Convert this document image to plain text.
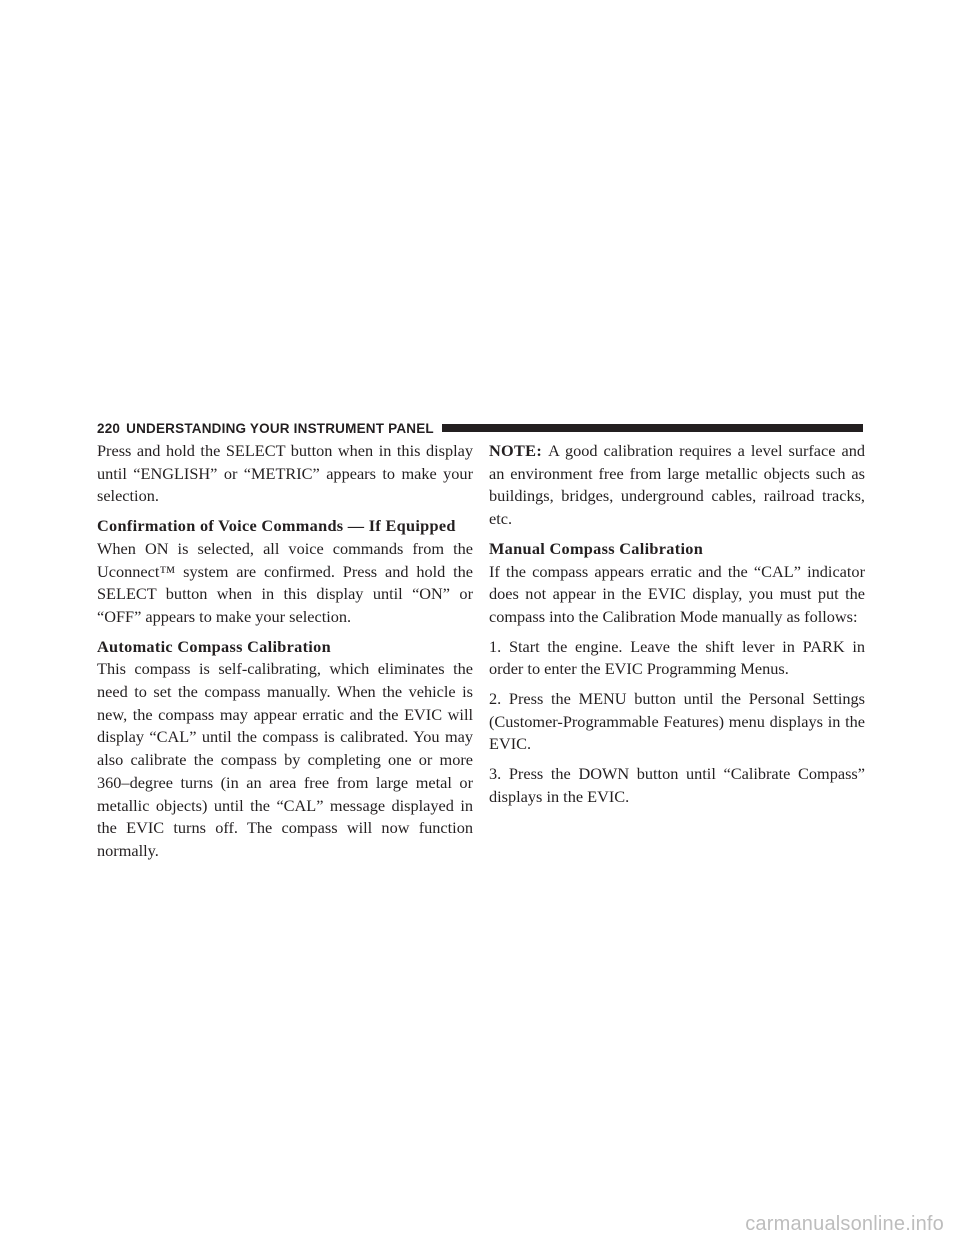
220 UNDERSTANDING YOUR INSTRUMENT PANEL

Press and hold the SELECT button when in this display until “ENGLISH” or “METRIC” appears to make your selection.

Confirmation of Voice Commands — If Equipped

When ON is selected, all voice commands from the Uconnect™ system are confirmed. Press and hold the SELECT button when in this display until “ON” or “OFF” appears to make your selection.

Automatic Compass Calibration

This compass is self-calibrating, which eliminates the need to set the compass manually. When the vehicle is new, the compass may appear erratic and the EVIC will display “CAL” until the compass is calibrated. You may also calibrate the compass by completing one or more 360–degree turns (in an area free from large metal or metallic objects) until the “CAL” message displayed in the EVIC turns off. The compass will now function normally.

NOTE: A good calibration requires a level surface and an environment free from large metallic objects such as buildings, bridges, underground cables, railroad tracks, etc.

Manual Compass Calibration

If the compass appears erratic and the “CAL” indicator does not appear in the EVIC display, you must put the compass into the Calibration Mode manually as follows:

1. Start the engine. Leave the shift lever in PARK in order to enter the EVIC Programming Menus.

2. Press the MENU button until the Personal Settings (Customer-Programmable Features) menu displays in the EVIC.

3. Press the DOWN button until “Calibrate Compass” displays in the EVIC.

carmanualsonline.info
